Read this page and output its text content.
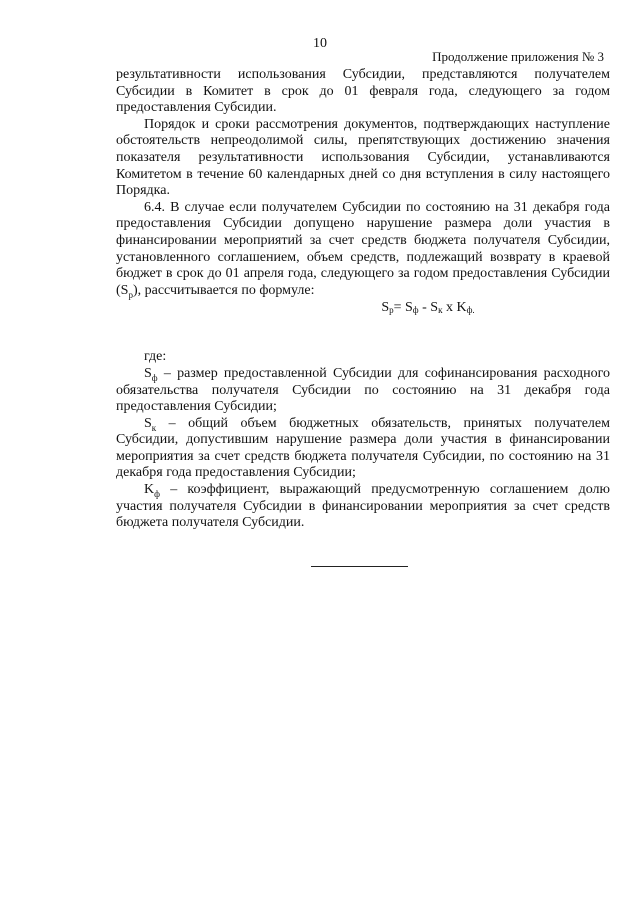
10
Продолжение приложения № 3

результативности использования Субсидии, представляются получателем Субсидии в Комитет в срок до 01 февраля года, следующего за годом предоставления Субсидии.

Порядок и сроки рассмотрения документов, подтверждающих наступление обстоятельств непреодолимой силы, препятствующих достижению значения показателя результативности использования Субсидии, устанавливаются Комитетом в течение 60 календарных дней со дня вступления в силу настоящего Порядка.

6.4. В случае если получателем Субсидии по состоянию на 31 декабря года предоставления Субсидии допущено нарушение размера доли участия в финансировании мероприятий за счет средств бюджета получателя Субсидии, установленного соглашением, объем средств, подлежащий возврату в краевой бюджет в срок до 01 апреля года, следующего за годом предоставления Субсидии $(S_р)$, рассчитывается по формуле:

$S_р= S_ф - S_к$ x $K_{ф.}$

где:

$S_ф$ – размер предоставленной Субсидии для софинансирования расходного обязательства получателя Субсидии по состоянию на 31 декабря года предоставления Субсидии;

$S_к$ – общий объем бюджетных обязательств, принятых получателем Субсидии, допустившим нарушение размера доли участия в финансировании мероприятия за счет средств бюджета получателя Субсидии, по состоянию на 31 декабря года предоставления Субсидии;

$K_ф$ – коэффициент, выражающий предусмотренную соглашением долю участия получателя Субсидии в финансировании мероприятия за счет средств бюджета получателя Субсидии.
